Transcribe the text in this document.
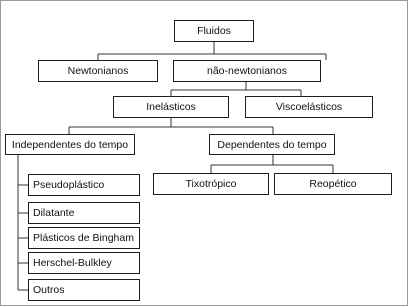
Fluidos
Newtonianos	não-newtonianos
Inelásticos	Viscoelásticos
Independentes do tempo	Dependentes do tempo
Pseudoplástico
Dilatante
Plásticos de Bingham
Herschel-Bulkley
Outros
Tixotrópico	Reopético
